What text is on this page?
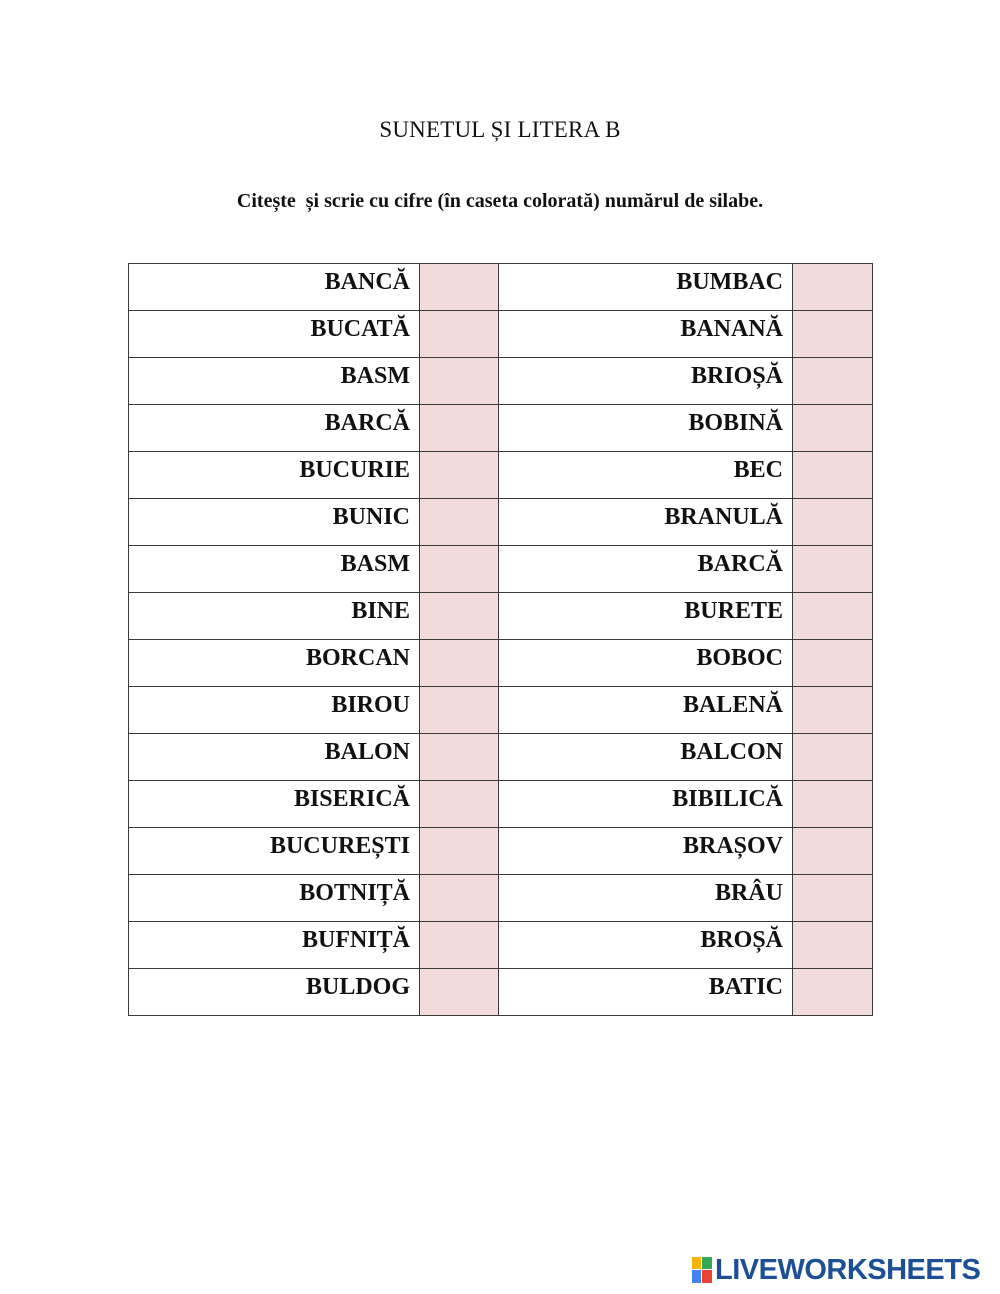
SUNETUL ȘI LITERA B
Citește  și scrie cu cifre (în caseta colorată) numărul de silabe.
BANCĂ		BUMBAC	
BUCATĂ		BANANĂ	
BASM		BRIOȘĂ	
BARCĂ		BOBINĂ	
BUCURIE		BEC	
BUNIC		BRANULĂ	
BASM		BARCĂ	
BINE		BURETE	
BORCAN		BOBOC	
BIROU		BALENĂ	
BALON		BALCON	
BISERICĂ		BIBILICĂ	
BUCUREȘTI		BRAȘOV	
BOTNIȚĂ		BRÂU	
BUFNIȚĂ		BROȘĂ	
BULDOG		BATIC	
LIVEWORKSHEETS
